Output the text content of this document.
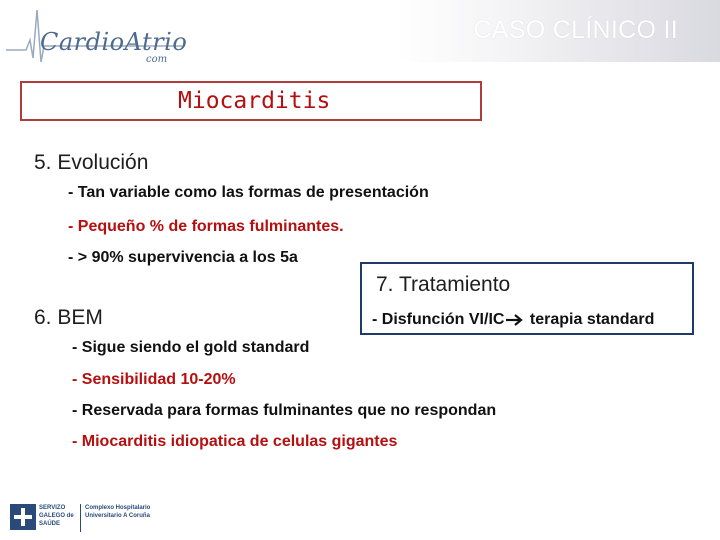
CardioAtrio
com
CASO CLÍNICO II
Miocarditis
5. Evolución
- Tan variable como las formas de presentación
- Pequeño % de formas fulminantes.
- > 90% supervivencia a los 5a
7. Tratamiento
- Disfunción VI/IC terapia standard
6. BEM
- Sigue siendo el gold standard
- Sensibilidad 10-20%
- Reservada para formas fulminantes que no respondan
- Miocarditis idiopatica de celulas gigantes
SERVIZO GALEGO de SAÚDE
Complexo Hospitalario Universitario A Coruña
